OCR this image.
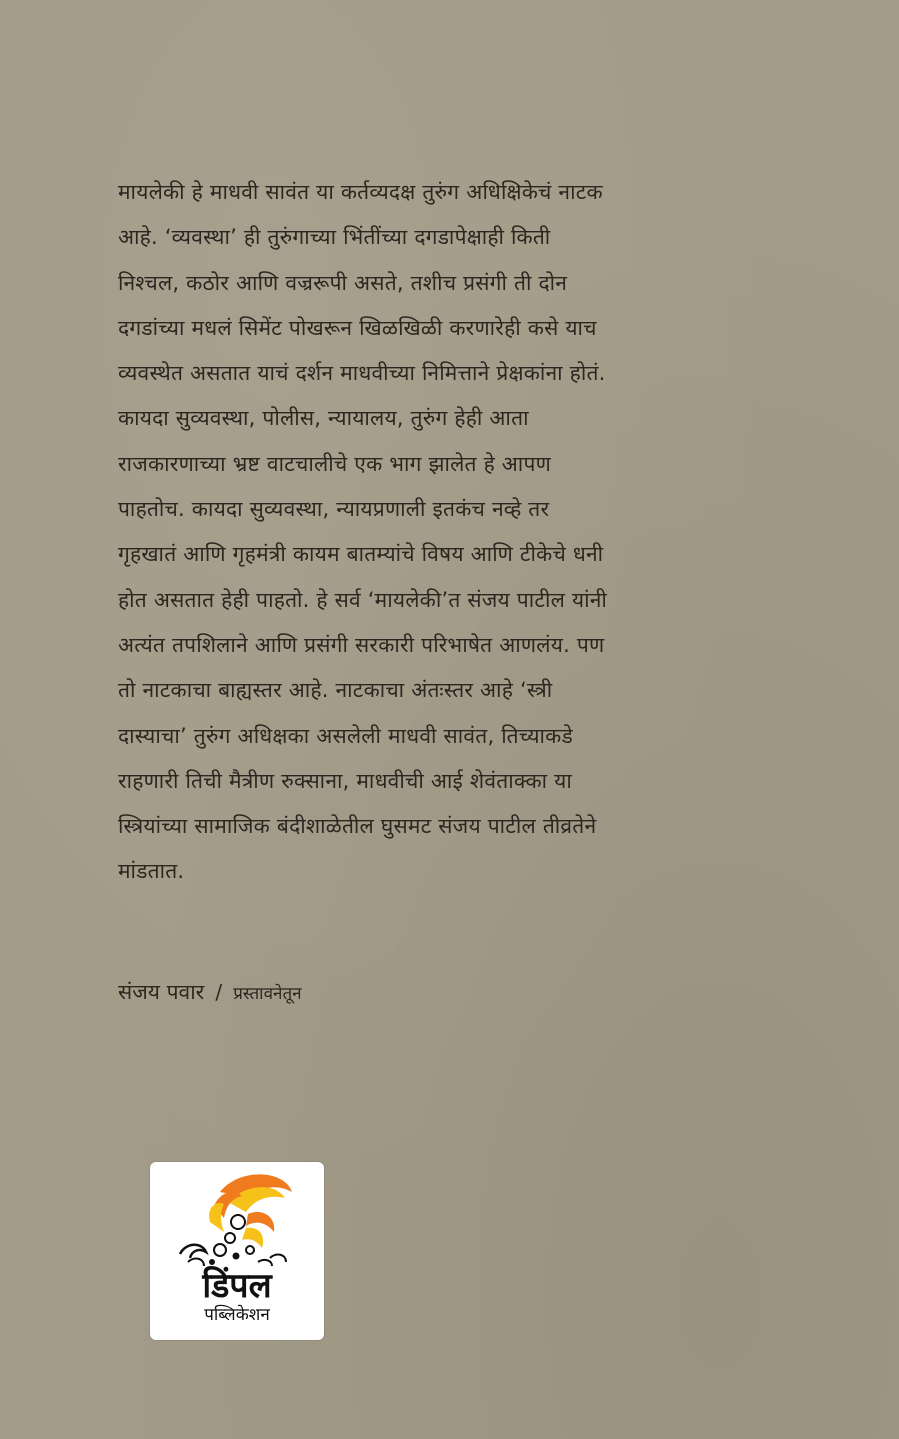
मायलेकी हे माधवी सावंत या कर्तव्यदक्ष तुरुंग अधिक्षिकेचं नाटक
आहे. ‘व्यवस्था’ ही तुरुंगाच्या भिंतींच्या दगडापेक्षाही किती
निश्चल, कठोर आणि वज्ररूपी असते, तशीच प्रसंगी ती दोन
दगडांच्या मधलं सिमेंट पोखरून खिळखिळी करणारेही कसे याच
व्यवस्थेत असतात याचं दर्शन माधवीच्या निमित्ताने प्रेक्षकांना होतं.
कायदा सुव्यवस्था, पोलीस, न्यायालय, तुरुंग हेही आता
राजकारणाच्या भ्रष्ट वाटचालीचे एक भाग झालेत हे आपण
पाहतोच. कायदा सुव्यवस्था, न्यायप्रणाली इतकंच नव्हे तर
गृहखातं आणि गृहमंत्री कायम बातम्यांचे विषय आणि टीकेचे धनी
होत असतात हेही पाहतो. हे सर्व ‘मायलेकी’त संजय पाटील यांनी
अत्यंत तपशिलाने आणि प्रसंगी सरकारी परिभाषेत आणलंय. पण
तो नाटकाचा बाह्यस्तर आहे. नाटकाचा अंतःस्तर आहे ‘स्त्री
दास्याचा’ तुरुंग अधिक्षका असलेली माधवी सावंत, तिच्याकडे
राहणारी तिची मैत्रीण रुक्साना, माधवीची आई शेवंताक्का या
स्त्रियांच्या सामाजिक बंदीशाळेतील घुसमट संजय पाटील तीव्रतेने
मांडतात.
संजय पवार / प्रस्तावनेतून
डिंपल
पब्लिकेशन
